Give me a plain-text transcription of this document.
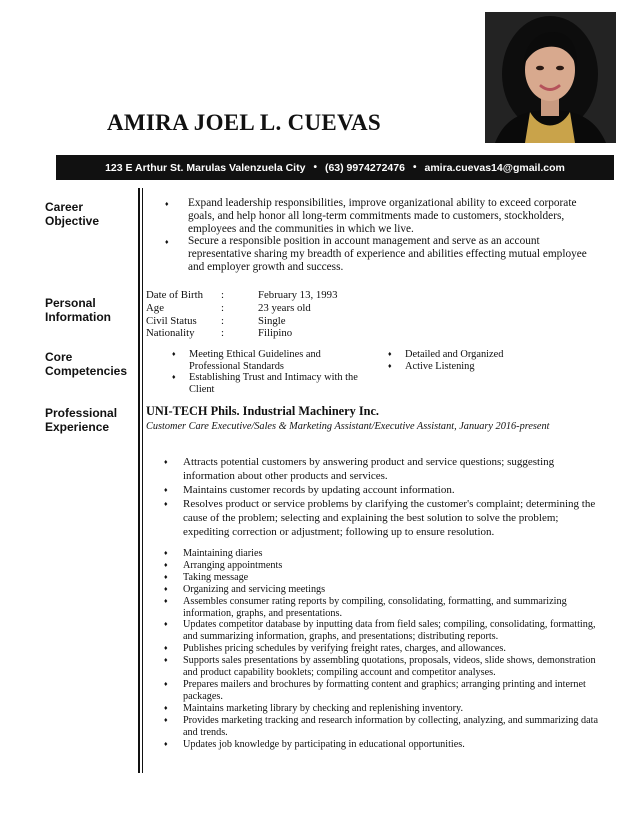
AMIRA JOEL L. CUEVAS
123 E Arthur St. Marulas Valenzuela City • (63) 9974272476 • amira.cuevas14@gmail.com
Career
Objective
♦ Expand leadership responsibilities, improve organizational ability to exceed corporate goals, and help honor all long-term commitments made to customers, stockholders, employees and the communities in which we live.
♦ Secure a responsible position in account management and serve as an account representative sharing my breadth of experience and abilities effecting mutual employee and employer growth and success.
Personal
Information
Date of Birth	:	February 13, 1993
Age	:	23 years old
Civil Status	:	Single
Nationality	:	Filipino
Core
Competencies
♦ Meeting Ethical Guidelines and Professional Standards
♦ Establishing Trust and Intimacy with the Client
♦ Detailed and Organized
♦ Active Listening
Professional
Experience

UNI-TECH Phils. Industrial Machinery Inc.

Customer Care Executive/Sales & Marketing Assistant/Executive Assistant, January 2016-present

♦ Attracts potential customers by answering product and service questions; suggesting information about other products and services.
♦ Maintains customer records by updating account information.
♦ Resolves product or service problems by clarifying the customer's complaint; determining the cause of the problem; selecting and explaining the best solution to solve the problem; expediting correction or adjustment; following up to ensure resolution.
♦ Maintaining diaries
♦ Arranging appointments
♦ Taking message
♦ Organizing and servicing meetings
♦ Assembles consumer rating reports by compiling, consolidating, formatting, and summarizing information, graphs, and presentations.
♦ Updates competitor database by inputting data from field sales; compiling, consolidating, formatting, and summarizing information, graphs, and presentations; distributing reports.
♦ Publishes pricing schedules by verifying freight rates, charges, and allowances.
♦ Supports sales presentations by assembling quotations, proposals, videos, slide shows, demonstration and product capability booklets; compiling account and competitor analyses.
♦ Prepares mailers and brochures by formatting content and graphics; arranging printing and internet packages.
♦ Maintains marketing library by checking and replenishing inventory.
♦ Provides marketing tracking and research information by collecting, analyzing, and summarizing data and trends.
♦ Updates job knowledge by participating in educational opportunities.
